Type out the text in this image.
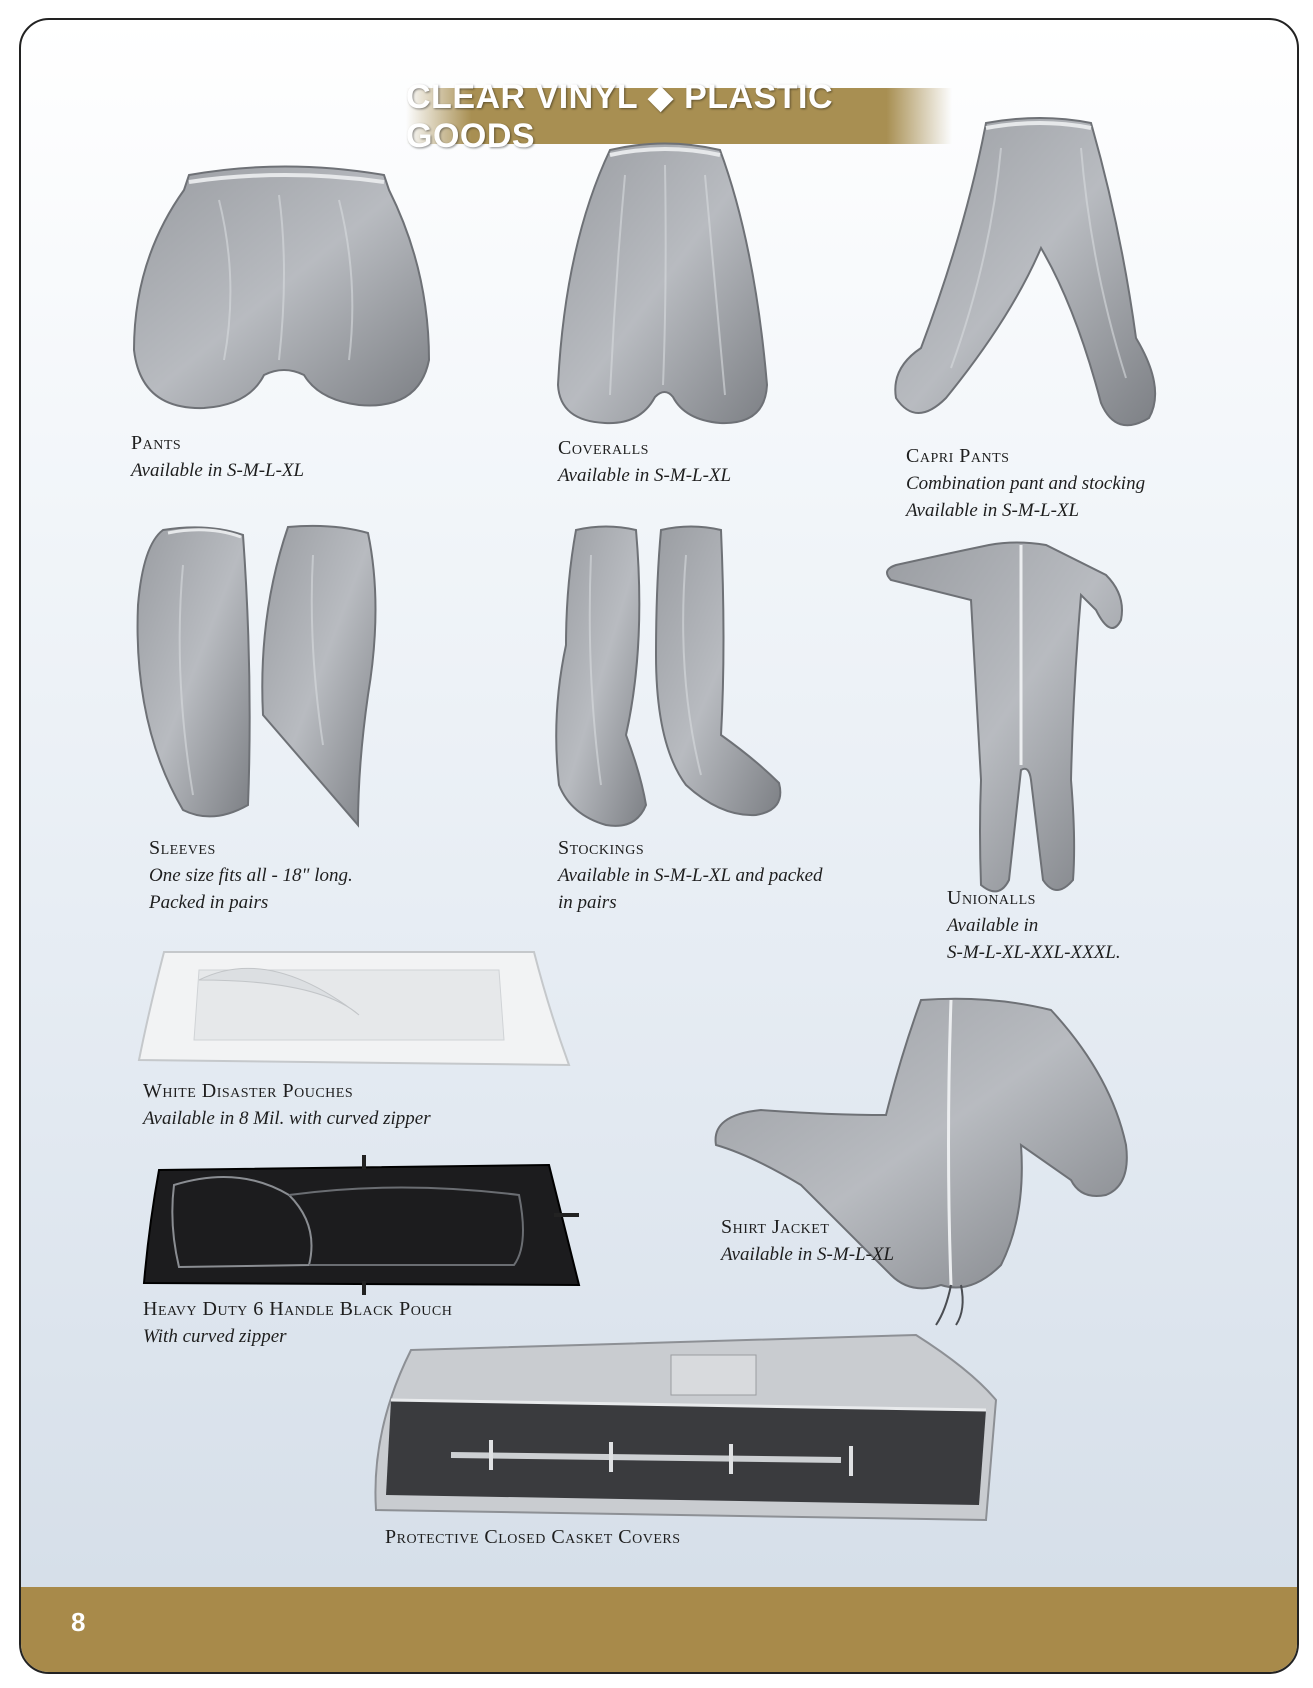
CLEAR VINYL ◆ PLASTIC GOODS
Pants
Available in S-M-L-XL
Coveralls
Available in S-M-L-XL
Capri Pants
Combination pant and stocking
Available in S-M-L-XL
Sleeves
One size fits all - 18" long.
Packed in pairs
Stockings
Available in S-M-L-XL and packed
in pairs	Unionalls
Available in
S-M-L-XL-XXL-XXXL.
White Disaster Pouches
Available in 8 Mil. with curved zipper
Shirt Jacket
Available in S-M-L-XL
Heavy Duty 6 Handle Black Pouch
With curved zipper
Protective Closed Casket Covers
8
